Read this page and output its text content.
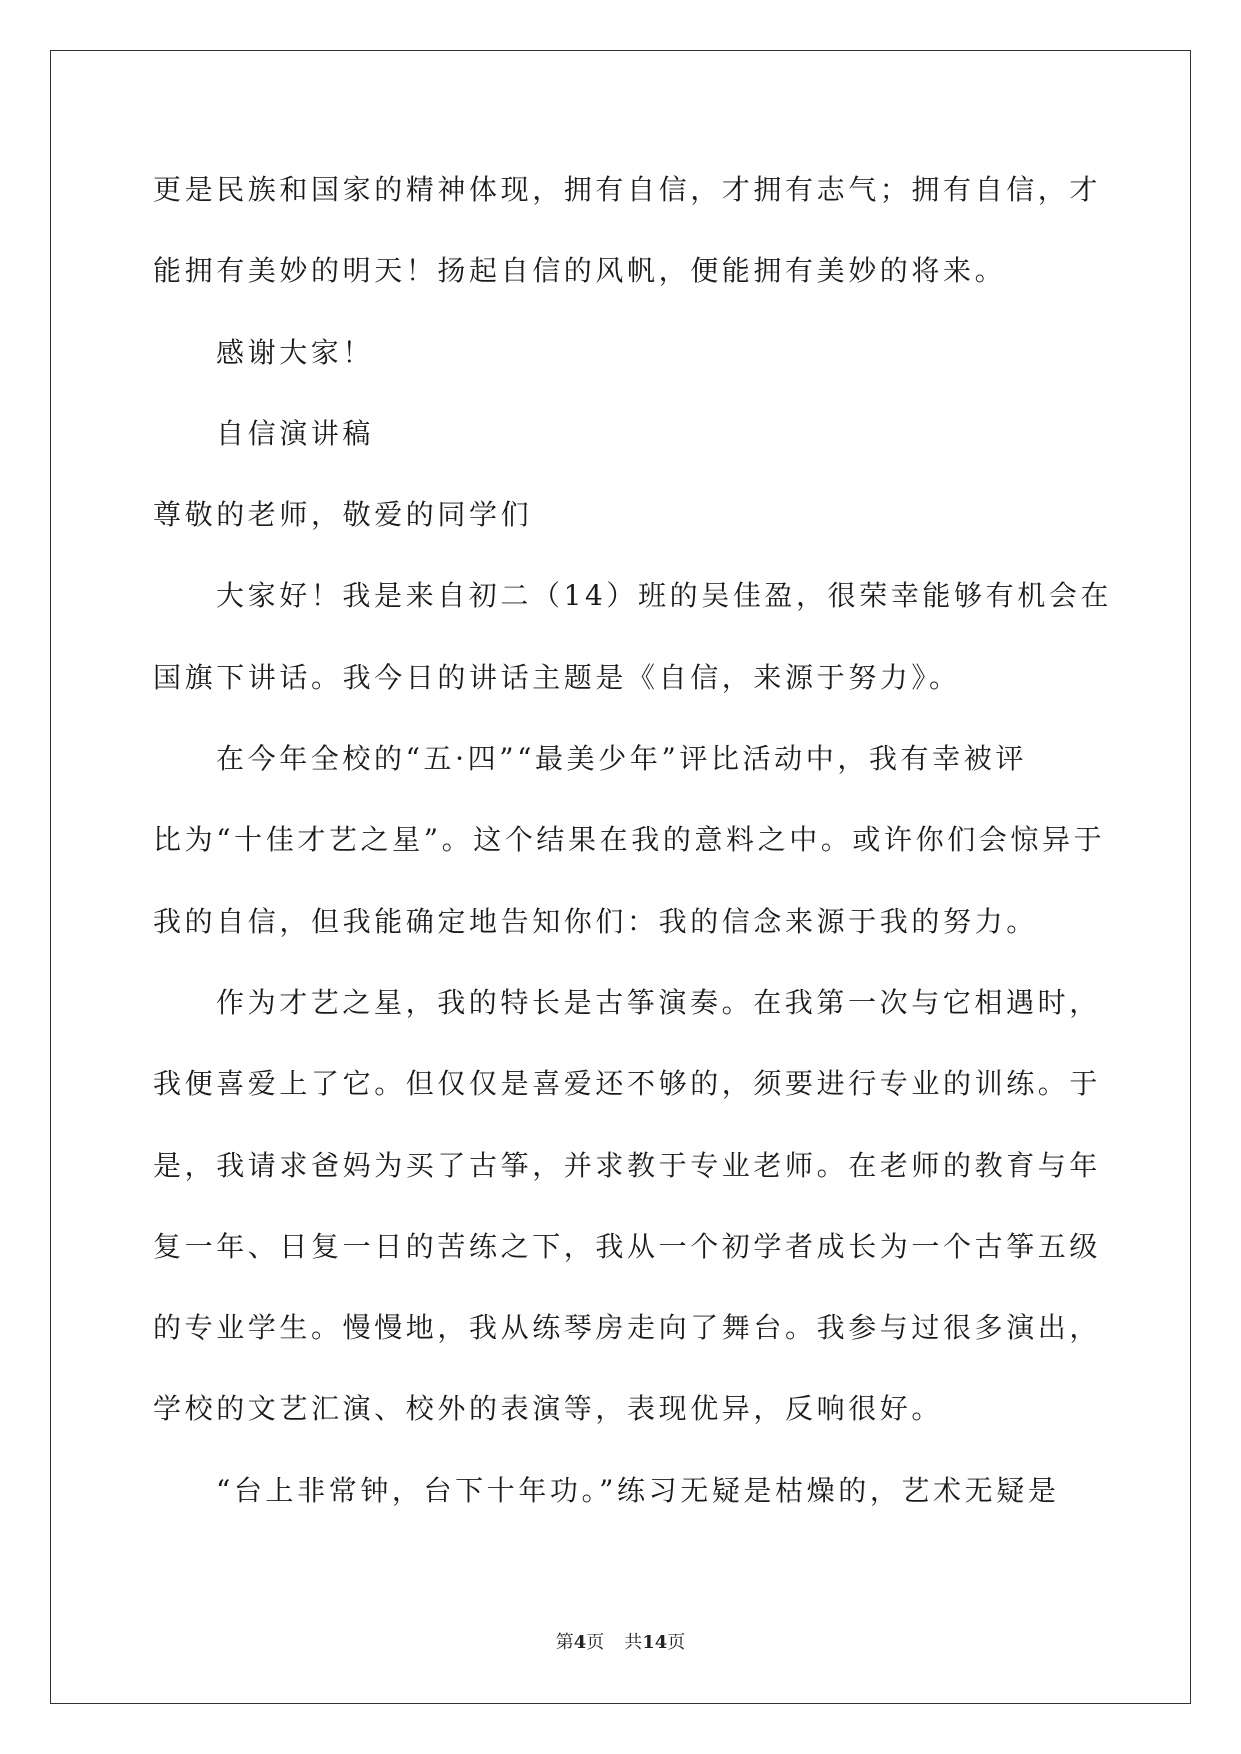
更是民族和国家的精神体现，拥有自信，才拥有志气；拥有自信，才
能拥有美妙的明天！扬起自信的风帆，便能拥有美妙的将来。
感谢大家！
自信演讲稿
尊敬的老师，敬爱的同学们
大家好！我是来自初二（14）班的吴佳盈，很荣幸能够有机会在
国旗下讲话。我今日的讲话主题是《自信，来源于努力》。
在今年全校的“五·四”“最美少年”评比活动中，我有幸被评
比为“十佳才艺之星”。这个结果在我的意料之中。或许你们会惊异于
我的自信，但我能确定地告知你们：我的信念来源于我的努力。
作为才艺之星，我的特长是古筝演奏。在我第一次与它相遇时，
我便喜爱上了它。但仅仅是喜爱还不够的，须要进行专业的训练。于
是，我请求爸妈为买了古筝，并求教于专业老师。在老师的教育与年
复一年、日复一日的苦练之下，我从一个初学者成长为一个古筝五级
的专业学生。慢慢地，我从练琴房走向了舞台。我参与过很多演出，
学校的文艺汇演、校外的表演等，表现优异，反响很好。
“台上非常钟，台下十年功。”练习无疑是枯燥的，艺术无疑是
第4页 共14页
